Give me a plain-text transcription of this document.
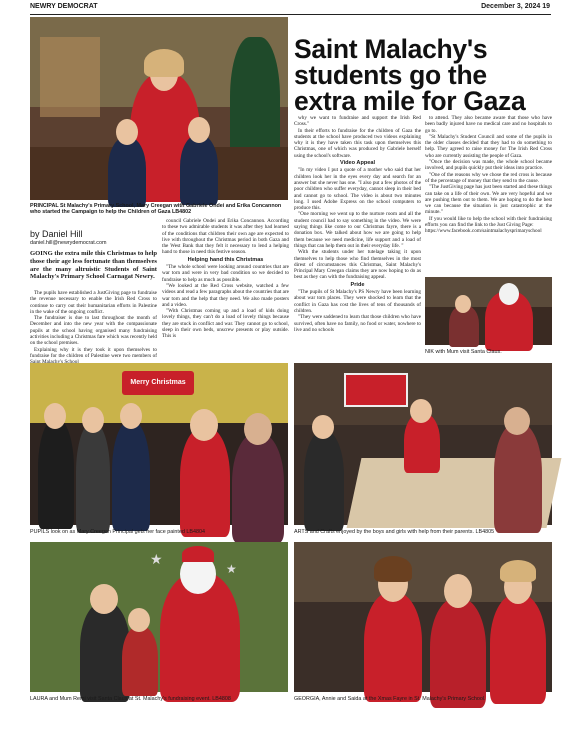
NEWRY DEMOCRAT	December 3, 2024 19
PRINCIPAL St Malachy's Primary School, Mary Creegan with Gabriele Ondei and Erika Concannon who started the Campaign to help the Children of Gaza LB4802
Saint Malachy's students go the extra mile for Gaza
by Daniel Hill
daniel.hill@newrydemocrat.com
GOING the extra mile this Christmas to help those their age less fortunate than themselves are the many altruistic Students of Saint Malachy's Primary School Carnagat Newry.

The pupils have established a JustGiving page to fundraise the revenue necessary to enable the Irish Red Cross to continue to carry out their humanitarian efforts in Palestine in the wake of the ongoing conflict.

The fundraiser is due to last throughout the month of December and into the new year with the compassionate pupils at the school having organised many fundraising activities including a Christmas fare which was recently held on the school premises.

Explaining why it is they took it upon themselves to fundraise for the children of Palestine were two members of

council Gabriele Ondei and Erika Concannon. According to these two admirable students it was after they had learned of the conditions that children their own age are expected to live with throughout the Christmas period in both Gaza and the West Bank that they felt it necessary to lend a helping hand to those in need this festive season.

Helping hand this Christmas

"The whole school were looking around countries that are war torn and were in very bad condition so we decided to fundraise to help as much as possible.

"We looked at the Red Cross website, watched a few videos and read a few paragraphs about the countries that are war torn and the help that they need. We also made posters and a video.

"With Christmas coming up and a load of kids doing lovely things, they can't do a load of lovely things because they are stuck in conflict and war. They cannot go to school, sleep in their own beds, unscrew presents or play outside. This is

why we want to fundraise and support the Irish Red Cross."

In their efforts to fundraise for the children of Gaza the students at the school have produced two videos explaining why it is they have taken this task upon themselves this Christmas, one of which was produced by Gabriele herself using the school's software.

Video Appeal

"In my video I put a quote of a mother who said that her children look her in the eyes every day and search for an answer but she never has one. "I also put a few photos of the poor children who suffer everyday, cannot sleep in their bed and cannot go to school. The video is about two minutes long. I used Adobe Express on the school computers to produce this.

"One morning we went up to the nurture room and all the student council had to say something in the video. We were saying things like come to our Christmas fayre, there is a donation box. We talked about how we are going to help them because we need medicine, life support and a load of things that can help them out in their everyday life. "

With the students under her tutelage taking it upon themselves to help those who find themselves in the most direst of circumstances this Christmas, Saint Malachy's Principal Mary Creegan claims they are now hoping to do as best as they can with the fundraising appeal.

Pride

"The pupils of St Malachy's PS Newry have been learning about war torn places. They were shocked to learn that the conflict in Gaza has cost the lives of tens of thousands of children.

"They were saddened to learn that those children who have survived, often have no family, no food or water, nowhere to live and no schools

to attend. They also became aware that those who have been badly injured have no medical care and no hospitals to go to.

"St Malachy's Student Council and some of the pupils in the older classes decided that they had to do something to help. They agreed to raise money for The Irish Red Cross who are currently assisting the people of Gaza.

"Once the decision was made, the whole school became involved, and pupils quickly put their ideas into practice.

"One of the reasons why we chose the red cross is because of the percentage of money that they send to the cause.

"The JustGiving page has just been started and these things can take on a life of their own. We are very hopeful and we are pushing them out to them. We are hoping to do the best we can because the situation is just catastrophic at the minute."

If you would like to help the school with their fundraising efforts you can find the link to the Just Giving Page:

https://www.facebook.com/saintmalachysprimaryschool

NIK with Mum visit Santa Claus.
Merry Christmas
PUPILS look on as Mary Creegan Principal gets her face painted LB4804	ARTS and Crafts enjoyed by the boys and girls with help from their parents. LB4805
★
★
LAURA and Mum Remi visit Santa Claus at St. Malachy's fundraising event. LB4808	GEORGIA, Annie and Saida at the Xmas Fayre in St. Malachy's Primary School.
